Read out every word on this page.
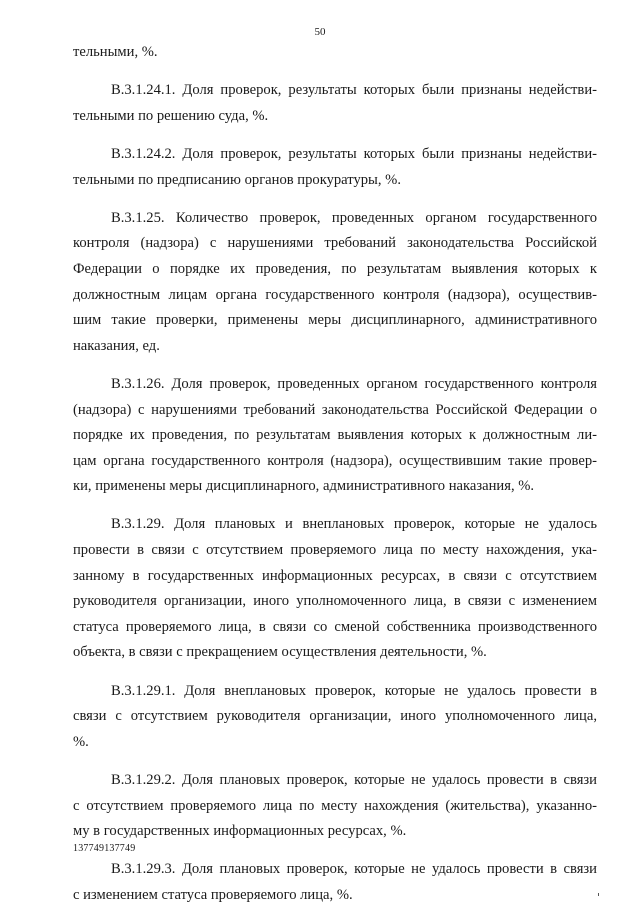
50
тельными, %.
В.3.1.24.1. Доля проверок, результаты которых были признаны недействи-
тельными по решению суда, %.
В.3.1.24.2. Доля проверок, результаты которых были признаны недействи-
тельными по предписанию органов прокуратуры, %.
В.3.1.25. Количество проверок, проведенных органом государственного
контроля (надзора) с нарушениями требований законодательства Российской
Федерации о порядке их проведения, по результатам выявления которых к
должностным лицам органа государственного контроля (надзора), осуществив-
шим такие проверки, применены меры дисциплинарного, административного
наказания, ед.
В.3.1.26. Доля проверок, проведенных органом государственного контроля
(надзора) с нарушениями требований законодательства Российской Федерации о
порядке их проведения, по результатам выявления которых к должностным ли-
цам органа государственного контроля (надзора), осуществившим такие провер-
ки, применены меры дисциплинарного, административного наказания, %.
В.3.1.29. Доля плановых и внеплановых проверок, которые не удалось
провести в связи с отсутствием проверяемого лица по месту нахождения, ука-
занному в государственных информационных ресурсах, в связи с отсутствием
руководителя организации, иного уполномоченного лица, в связи с изменением
статуса проверяемого лица, в связи со сменой собственника производственного
объекта, в связи с прекращением осуществления деятельности, %.
В.3.1.29.1. Доля внеплановых проверок, которые не удалось провести в
связи с отсутствием руководителя организации, иного уполномоченного лица,
%.
В.3.1.29.2. Доля плановых проверок, которые не удалось провести в связи
с отсутствием проверяемого лица по месту нахождения (жительства), указанно-
му в государственных информационных ресурсах, %.
В.3.1.29.3. Доля плановых проверок, которые не удалось провести в связи
с изменением статуса проверяемого лица, %.
137749137749
